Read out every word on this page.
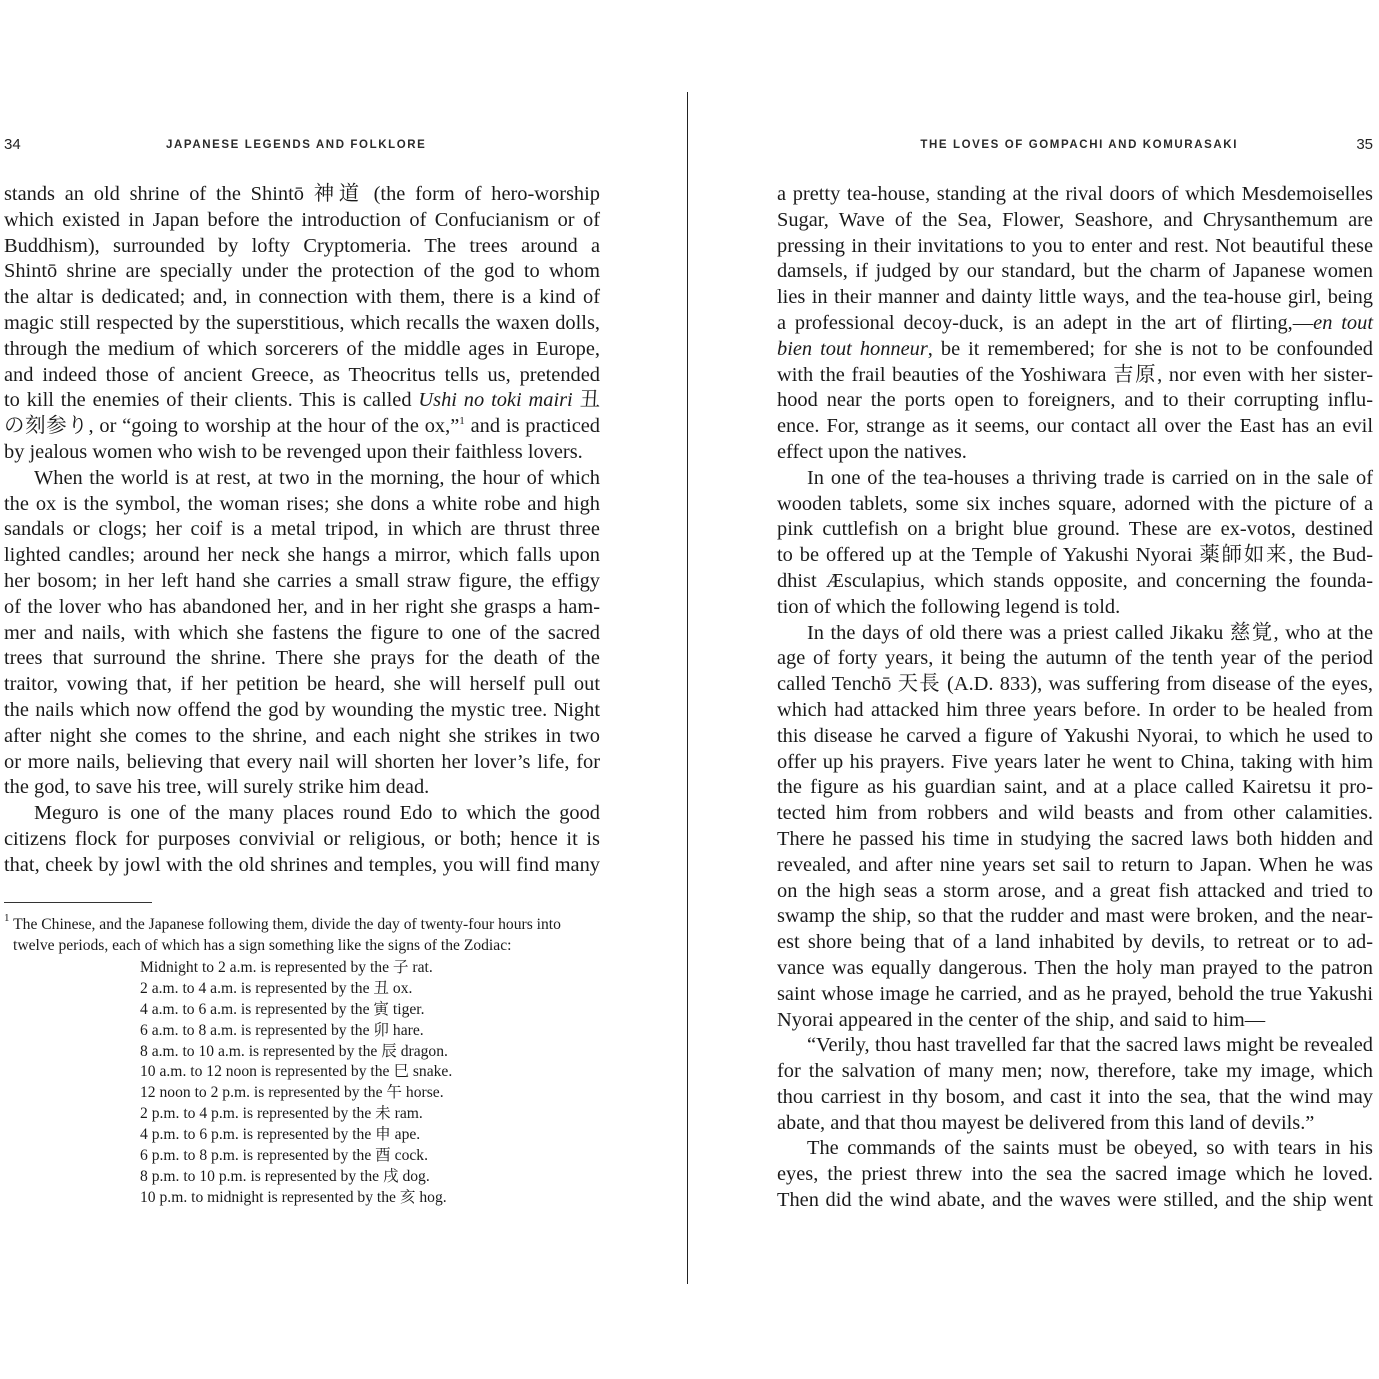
34	JAPANESE LEGENDS AND FOLKLORE
stands an old shrine of the Shintō 神道 (the form of hero-worship
which existed in Japan before the introduction of Confucianism or of
Buddhism), surrounded by lofty Cryptomeria. The trees around a
Shintō shrine are specially under the protection of the god to whom
the altar is dedicated; and, in connection with them, there is a kind of
magic still respected by the superstitious, which recalls the waxen dolls,
through the medium of which sorcerers of the middle ages in Europe,
and indeed those of ancient Greece, as Theocritus tells us, pretended
to kill the enemies of their clients. This is called Ushi no toki mairi 丑
の刻参り, or “going to worship at the hour of the ox,”$^1$ and is practiced
by jealous women who wish to be revenged upon their faithless lovers.
When the world is at rest, at two in the morning, the hour of which
the ox is the symbol, the woman rises; she dons a white robe and high
sandals or clogs; her coif is a metal tripod, in which are thrust three
lighted candles; around her neck she hangs a mirror, which falls upon
her bosom; in her left hand she carries a small straw figure, the effigy
of the lover who has abandoned her, and in her right she grasps a ham-
mer and nails, with which she fastens the figure to one of the sacred
trees that surround the shrine. There she prays for the death of the
traitor, vowing that, if her petition be heard, she will herself pull out
the nails which now offend the god by wounding the mystic tree. Night
after night she comes to the shrine, and each night she strikes in two
or more nails, believing that every nail will shorten her lover’s life, for
the god, to save his tree, will surely strike him dead.
Meguro is one of the many places round Edo to which the good
citizens flock for purposes convivial or religious, or both; hence it is
that, cheek by jowl with the old shrines and temples, you will find many
$^1$ The Chinese, and the Japanese following them, divide the day of twenty-four hours into
twelve periods, each of which has a sign something like the signs of the Zodiac:
Midnight to 2 a.m. is represented by the 子 rat.
2 a.m. to 4 a.m. is represented by the 丑 ox.
4 a.m. to 6 a.m. is represented by the 寅 tiger.
6 a.m. to 8 a.m. is represented by the 卯 hare.
8 a.m. to 10 a.m. is represented by the 辰 dragon.
10 a.m. to 12 noon is represented by the 巳 snake.
12 noon to 2 p.m. is represented by the 午 horse.
2 p.m. to 4 p.m. is represented by the 未 ram.
4 p.m. to 6 p.m. is represented by the 申 ape.
6 p.m. to 8 p.m. is represented by the 酉 cock.
8 p.m. to 10 p.m. is represented by the 戌 dog.
10 p.m. to midnight is represented by the 亥 hog.
THE LOVES OF GOMPACHI AND KOMURASAKI	35
a pretty tea-house, standing at the rival doors of which Mesdemoiselles
Sugar, Wave of the Sea, Flower, Seashore, and Chrysanthemum are
pressing in their invitations to you to enter and rest. Not beautiful these
damsels, if judged by our standard, but the charm of Japanese women
lies in their manner and dainty little ways, and the tea-house girl, being
a professional decoy-duck, is an adept in the art of flirting,—en tout
bien tout honneur, be it remembered; for she is not to be confounded
with the frail beauties of the Yoshiwara 吉原, nor even with her sister-
hood near the ports open to foreigners, and to their corrupting influ-
ence. For, strange as it seems, our contact all over the East has an evil
effect upon the natives.
In one of the tea-houses a thriving trade is carried on in the sale of
wooden tablets, some six inches square, adorned with the picture of a
pink cuttlefish on a bright blue ground. These are ex-votos, destined
to be offered up at the Temple of Yakushi Nyorai 薬師如来, the Bud-
dhist Æsculapius, which stands opposite, and concerning the founda-
tion of which the following legend is told.
In the days of old there was a priest called Jikaku 慈覚, who at the
age of forty years, it being the autumn of the tenth year of the period
called Tenchō 天長 (A.D. 833), was suffering from disease of the eyes,
which had attacked him three years before. In order to be healed from
this disease he carved a figure of Yakushi Nyorai, to which he used to
offer up his prayers. Five years later he went to China, taking with him
the figure as his guardian saint, and at a place called Kairetsu it pro-
tected him from robbers and wild beasts and from other calamities.
There he passed his time in studying the sacred laws both hidden and
revealed, and after nine years set sail to return to Japan. When he was
on the high seas a storm arose, and a great fish attacked and tried to
swamp the ship, so that the rudder and mast were broken, and the near-
est shore being that of a land inhabited by devils, to retreat or to ad-
vance was equally dangerous. Then the holy man prayed to the patron
saint whose image he carried, and as he prayed, behold the true Yakushi
Nyorai appeared in the center of the ship, and said to him—
“Verily, thou hast travelled far that the sacred laws might be revealed
for the salvation of many men; now, therefore, take my image, which
thou carriest in thy bosom, and cast it into the sea, that the wind may
abate, and that thou mayest be delivered from this land of devils.”
The commands of the saints must be obeyed, so with tears in his
eyes, the priest threw into the sea the sacred image which he loved.
Then did the wind abate, and the waves were stilled, and the ship went
